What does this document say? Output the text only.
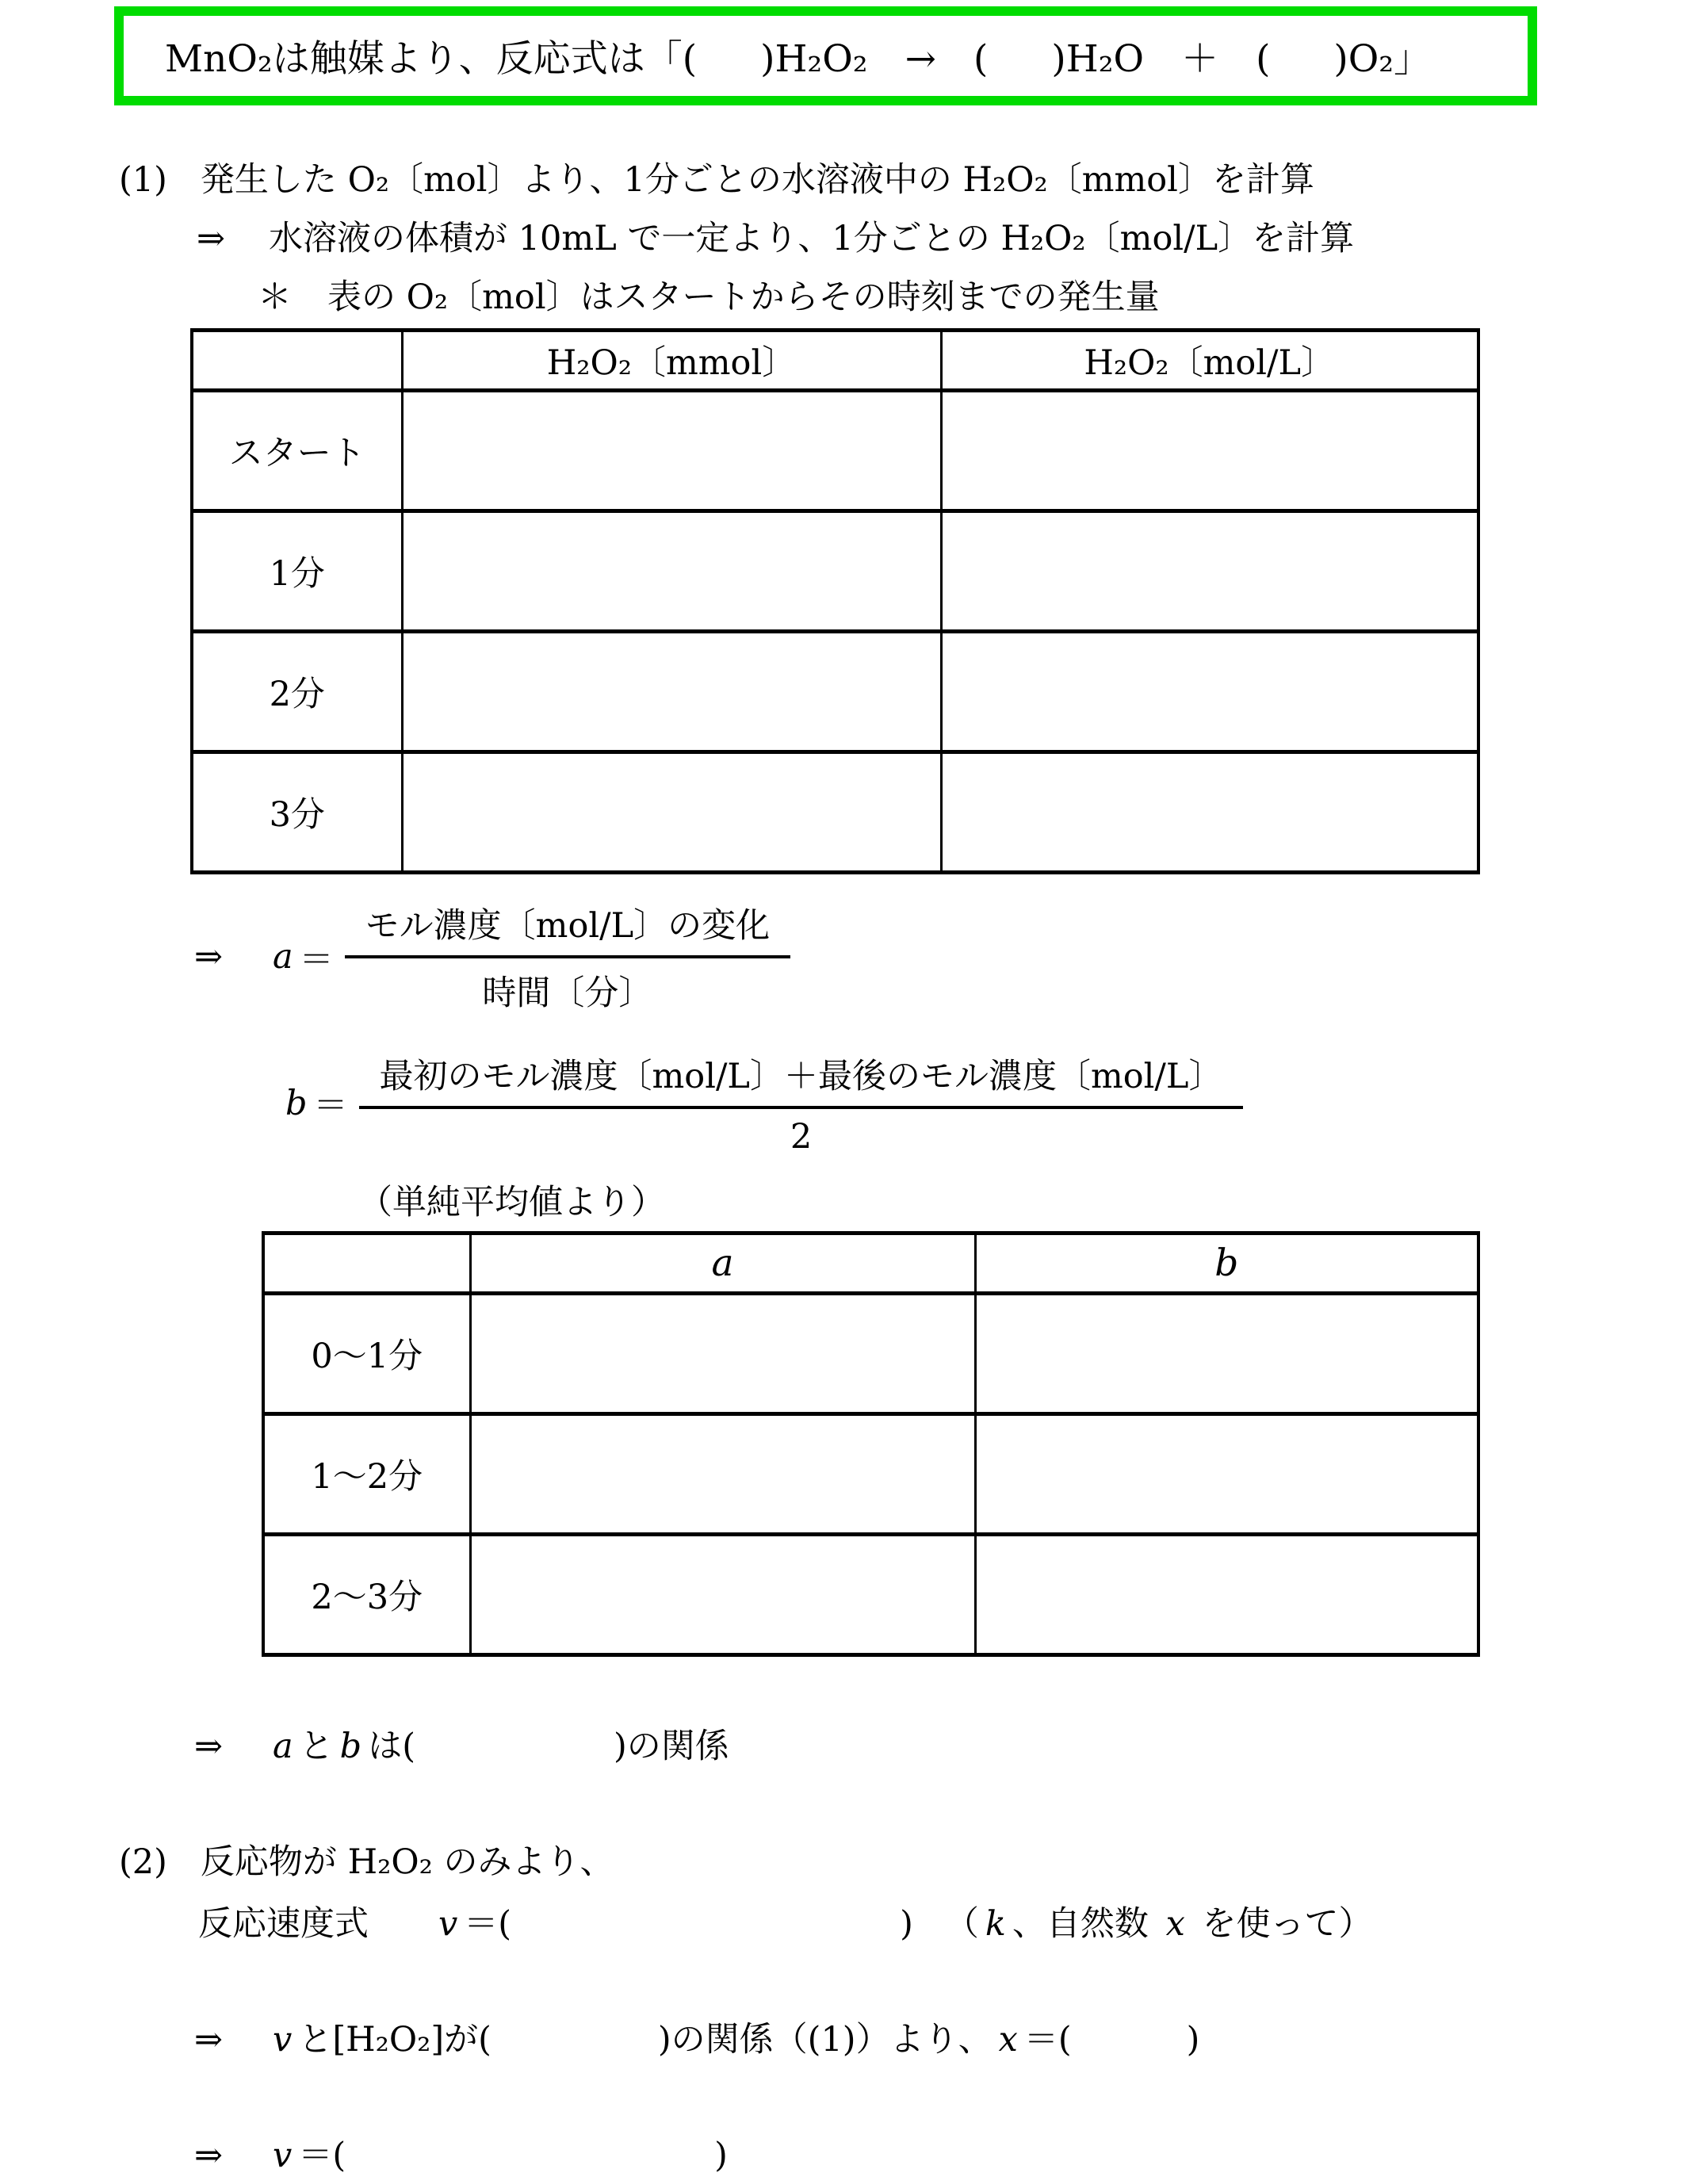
MnO₂は触媒より、反応式は「( )H₂O₂　→　( )H₂O　＋　( )O₂」
(1) 発生した O₂〔mol〕より、1分ごとの水溶液中の H₂O₂〔mmol〕を計算
⇒ 水溶液の体積が 10mL で一定より、1分ごとの H₂O₂〔mol/L〕を計算
＊ 表の O₂〔mol〕はスタートからその時刻までの発生量
	H₂O₂〔mmol〕	H₂O₂〔mol/L〕
スタート		
1分		
2分		
3分		
⇒ $a = \frac{\text{モル濃度〔mol/L〕の変化}}{\text{時間〔分〕}}$
$b = \frac{\text{最初のモル濃度〔mol/L〕＋最後のモル濃度〔mol/L〕}}{2}$
（単純平均値より）
	a	b
0～1分		
1～2分		
2～3分		
⇒ a と b は(	)の関係
(2) 反応物が H₂O₂ のみより、
反応速度式 v ＝(	) （ k 、自然数 x を使って）
⇒ v と[H₂O₂]が(	)の関係（(1)）より、 x ＝(	)
⇒ v ＝(	)
